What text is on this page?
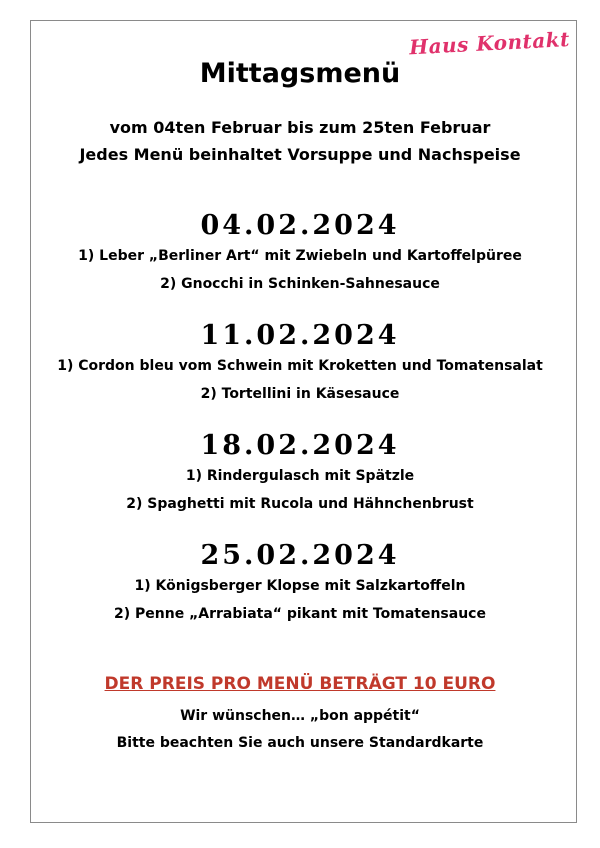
Haus Kontakt
Mittagsmenü
vom 04ten Februar bis zum 25ten Februar
Jedes Menü beinhaltet Vorsuppe und Nachspeise
04.02.2024
1) Leber „Berliner Art“ mit Zwiebeln und Kartoffelpüree
2) Gnocchi in Schinken-Sahnesauce
11.02.2024
1) Cordon bleu vom Schwein mit Kroketten und Tomatensalat
2) Tortellini in Käsesauce
18.02.2024
1) Rindergulasch mit Spätzle
2) Spaghetti mit Rucola und Hähnchenbrust
25.02.2024
1) Königsberger Klopse mit Salzkartoffeln
2) Penne „Arrabiata“ pikant mit Tomatensauce
DER PREIS PRO MENÜ BETRÄGT 10 EURO
Wir wünschen… „bon appétit“
Bitte beachten Sie auch unsere Standardkarte
